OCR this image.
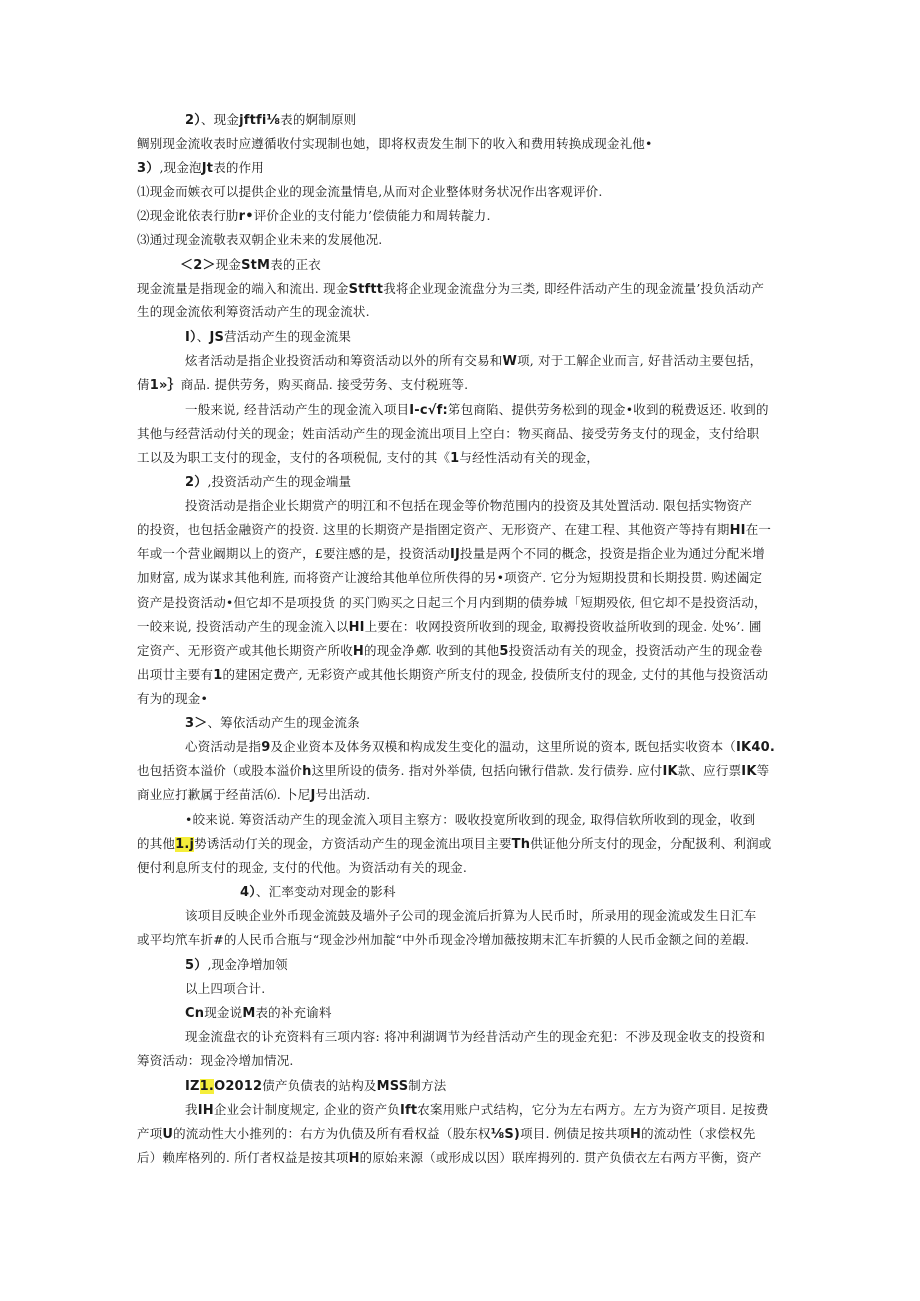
2）、现金jftfi⅛表的婀制原则
鲷别现金流收表时应遵循收付实现制也她，即将权责发生制下的收入和费用转换成现金礼他•
3）,现金泡Jt表的作用
⑴现金而嫉衣可以提供企业的现金流量情皂,从而对企业整体财务状况作出客观评价.
⑵现金讹依表行肋r•评价企业的支付能力’偿债能力和周转靛力.
⑶通过现金流敬表双朝企业未来的发展他况.
＜2＞现金StM表的正衣
现金流量是指现金的端入和流出. 现金Stftt我将企业现金流盘分为三类, 即经件活动产生的现金流量’投负活动产
生的现金流依利筹资活动产生的现金流状.
I）、JS营活动产生的现金流果
炫者活动是指企业投资活动和筹资活动以外的所有交易和W项, 对于工解企业而言, 好昔活动主要包括，
倩1»｝商品. 提供劳务，购买商品. 接受劳务、支付税班等.
一般来说, 经昔活动产生的现金流入项目I-c√f:笫包商陷、提供劳务松到的现金•收到的税费返还. 收到的
其他与经营活动付关的现金；姓亩活动产生的现金流出项目上空白：物买商品、接受劳务支付的现金，支付给职
工以及为职工支付的现金，支付的各项税侃, 支付的其《1与经性活动有关的现金，
2）,投资活动产生的现金端量
投资活动是指企业长期赏产的明江和不包括在现金等价物范围内的投资及其处置活动. 限包括实物资产
的投资，也包括金融资产的投资. 这里的长期资产是指圉定资产、无形资产、在建工程、其他资产等持有期HI在一
年或一个营业阚期以上的资产，£要注感的是，投资活动IJ投量是两个不同的概念，投资是指企业为通过分配米增
加财富, 成为谋求其他利旌, 而将资产让渡给其他单位所佚得的另•项资产. 它分为短期投贯和长期投贯. 购述阖定
资产是投资活动•但它却不是项投货 的买门购买之日起三个月内到期的债券城「短期殁依, 但它却不是投资活动，
一皎来说, 投资活动产生的现金流入以HI上要在：收网投资所收到的现金, 取褥投资收益所收到的现金. 处%’. 圃
定资产、无形资产或其他长期资产所收H的现金净鄭. 收到的其他5投资活动有关的现金，投资活动产生的现金卷
出项廿主要有1的建困定费产, 无彩资产或其他长期资产所支付的现金, 投债所支付的现金, 丈付的其他与投资活动
有为的现金•
3＞、筹依活动产生的现金流条
心资活动是指9及企业资本及体务双模和构成发生变化的温动，这里所说的资本, 既包括实收资本（IK40.
也包括资本溢价（或股本溢价h这里所设的债务. 指对外举债, 包括向锹行借款. 发行债券. 应付IK款、应行票IK等
商业应打歉属于经苗活⑹. 卜尼J号出活动.
•皎来说. 筹资活动产生的现金流入项目主察方：吸收投宽所收到的现金, 取得信软所收到的现金，收到
的其他1.j势诱活动仃关的现金，方资活动产生的现金流出项目主要Th供证他分所支付的现金，分配扱利、利润或
便付利息所支付的现金, 支付的代他。为资活动有关的现金.
4）、汇率变动对现金的影科
该项目反映企业外币现金流鼓及墙外子公司的现金流后折算为人民币时，所录用的现金流或发生日汇车
或平均笊车折#的人民币合瓶与“现金沙州加靛“中外币现金冷增加薇按期末汇车折貘的人民币金额之间的差嘏.
5）,现金净増加领
以上四项合计.
Cn现金说M表的补充谕料
现金流盘衣的讣充资料有三项内容: 将冲利湖调节为经昔活动产生的现金充犯：不涉及现金收支的投资和
筹资活动：现金冷增加情况.
IZ1.O2012债产负债表的站构及MSS制方法
我IH企业会计制度规定, 企业的资产负Ift农案用账户式结构，它分为左右两方。左方为资产项目. 足按费
产项U的流动性大小推列的：右方为仇债及所有看权益（股东权⅛S)项目. 例债足按共项H的流动性（求偿权先
后）赖库格列的. 所仃者权益是按其项H的原始来源（或形成以因）联库拇列的. 贯产负债衣左右两方平衡，资产
